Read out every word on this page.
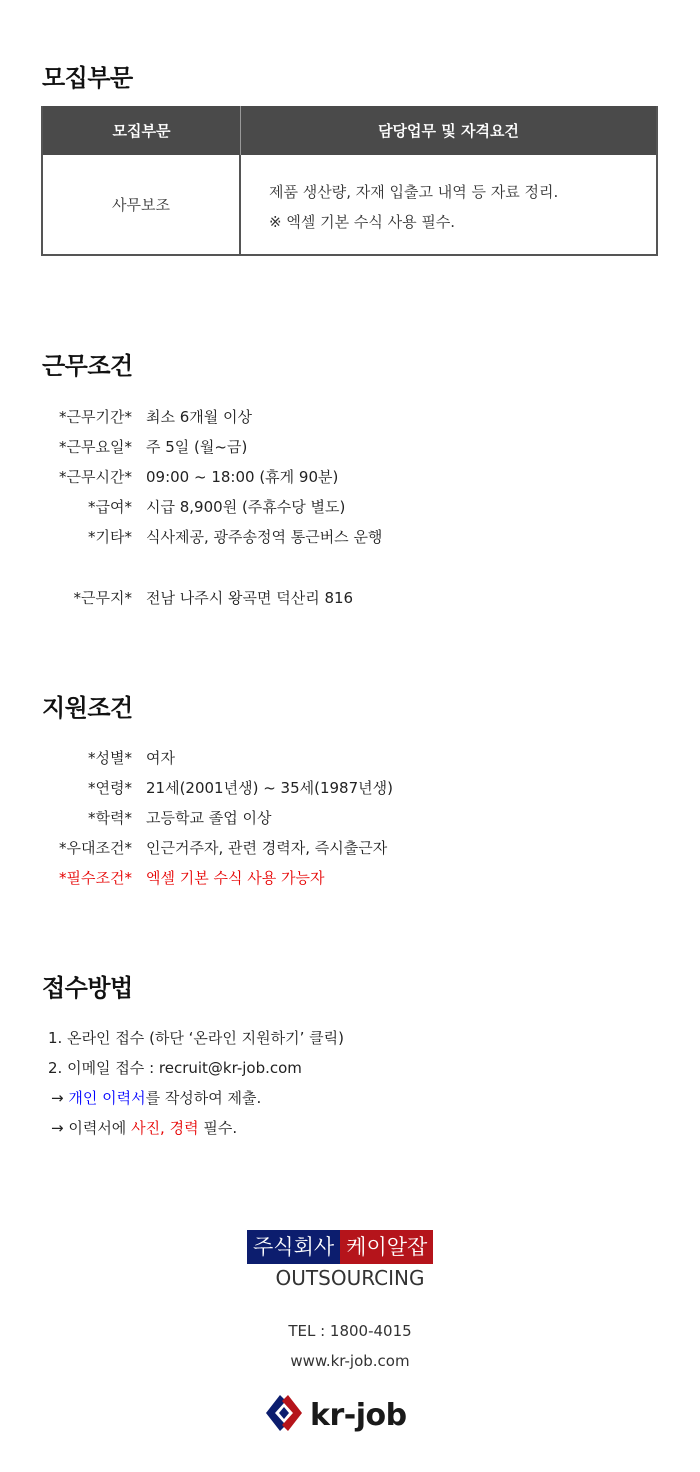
모집부문
모집부문	담당업무 및 자격요건
사무보조
제품 생산량, 자재 입출고 내역 등 자료 정리.
※ 엑셀 기본 수식 사용 필수.
근무조건
*근무기간* 최소 6개월 이상
*근무요일* 주 5일 (월~금)
*근무시간* 09:00 ~ 18:00 (휴게 90분)
*급여* 시급 8,900원 (주휴수당 별도)
*기타* 식사제공, 광주송정역 통근버스 운행
*근무지* 전남 나주시 왕곡면 덕산리 816
지원조건
*성별* 여자
*연령* 21세(2001년생) ~ 35세(1987년생)
*학력* 고등학교 졸업 이상
*우대조건* 인근거주자, 관련 경력자, 즉시출근자
*필수조건* 엑셀 기본 수식 사용 가능자
접수방법
1. 온라인 접수 (하단 ‘온라인 지원하기’ 클릭)
2. 이메일 접수 : recruit@kr-job.com
→ 개인 이력서를 작성하여 제출.
→ 이력서에 사진, 경력 필수.
주식회사 케이알잡
OUTSOURCING
TEL : 1800-4015
www.kr-job.com
kr-job
